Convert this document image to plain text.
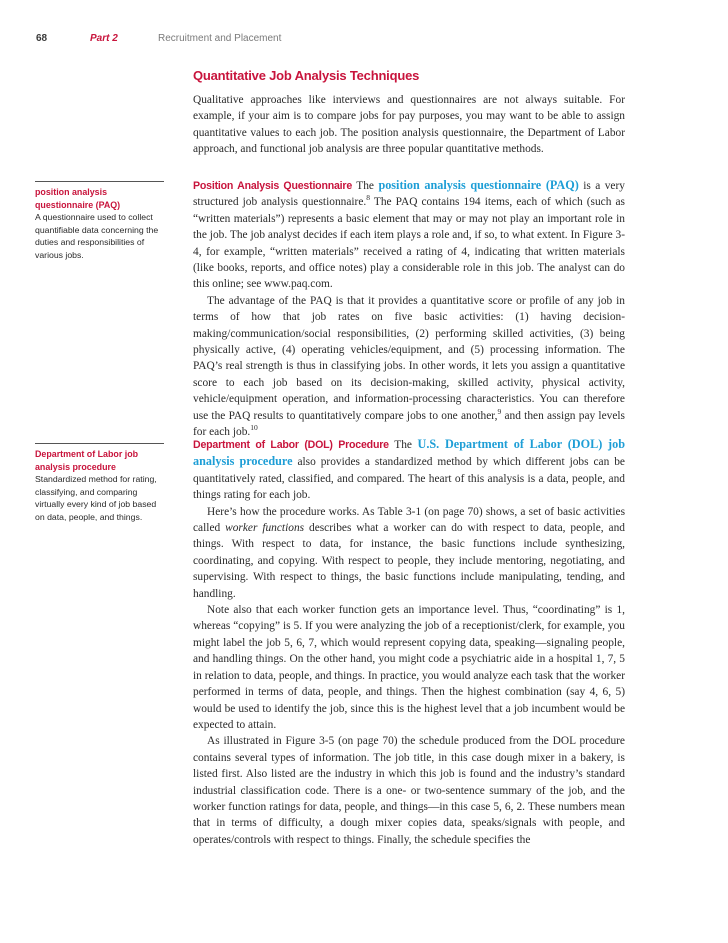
68	Part 2	Recruitment and Placement
Quantitative Job Analysis Techniques

Qualitative approaches like interviews and questionnaires are not always suitable. For example, if your aim is to compare jobs for pay purposes, you may want to be able to assign quantitative values to each job. The position analysis questionnaire, the Department of Labor approach, and functional job analysis are three popular quantitative methods.

position analysis questionnaire (PAQ)
A questionnaire used to collect quantifiable data concerning the duties and responsibilities of various jobs.

Position Analysis Questionnaire The position analysis questionnaire (PAQ) is a very structured job analysis questionnaire.$^8$ The PAQ contains 194 items, each of which (such as “written materials”) represents a basic element that may or may not play an important role in the job. The job analyst decides if each item plays a role and, if so, to what extent. In Figure 3-4, for example, “written materials” received a rating of 4, indicating that written materials (like books, reports, and office notes) play a considerable role in this job. The analyst can do this online; see www.paq.com.

The advantage of the PAQ is that it provides a quantitative score or profile of any job in terms of how that job rates on five basic activities: (1) having decision-making/communication/social responsibilities, (2) performing skilled activities, (3) being physically active, (4) operating vehicles/equipment, and (5) processing information. The PAQ’s real strength is thus in classifying jobs. In other words, it lets you assign a quantitative score to each job based on its decision-making, skilled activity, physical activity, vehicle/equipment operation, and information-processing characteristics. You can therefore use the PAQ results to quantitatively compare jobs to one another,$^9$ and then assign pay levels for each job.$^{10}$

Department of Labor job analysis procedure
Standardized method for rating, classifying, and comparing virtually every kind of job based on data, people, and things.

Department of Labor (DOL) Procedure The U.S. Department of Labor (DOL) job analysis procedure also provides a standardized method by which different jobs can be quantitatively rated, classified, and compared. The heart of this analysis is a data, people, and things rating for each job.

Here’s how the procedure works. As Table 3-1 (on page 70) shows, a set of basic activities called worker functions describes what a worker can do with respect to data, people, and things. With respect to data, for instance, the basic functions include synthesizing, coordinating, and copying. With respect to people, they include mentoring, negotiating, and supervising. With respect to things, the basic functions include manipulating, tending, and handling.

Note also that each worker function gets an importance level. Thus, “coordinating” is 1, whereas “copying” is 5. If you were analyzing the job of a receptionist/clerk, for example, you might label the job 5, 6, 7, which would represent copying data, speaking—signaling people, and handling things. On the other hand, you might code a psychiatric aide in a hospital 1, 7, 5 in relation to data, people, and things. In practice, you would analyze each task that the worker performed in terms of data, people, and things. Then the highest combination (say 4, 6, 5) would be used to identify the job, since this is the highest level that a job incumbent would be expected to attain.

As illustrated in Figure 3-5 (on page 70) the schedule produced from the DOL procedure contains several types of information. The job title, in this case dough mixer in a bakery, is listed first. Also listed are the industry in which this job is found and the industry’s standard industrial classification code. There is a one- or two-sentence summary of the job, and the worker function ratings for data, people, and things—in this case 5, 6, 2. These numbers mean that in terms of difficulty, a dough mixer copies data, speaks/signals with people, and operates/controls with respect to things. Finally, the schedule specifies the
